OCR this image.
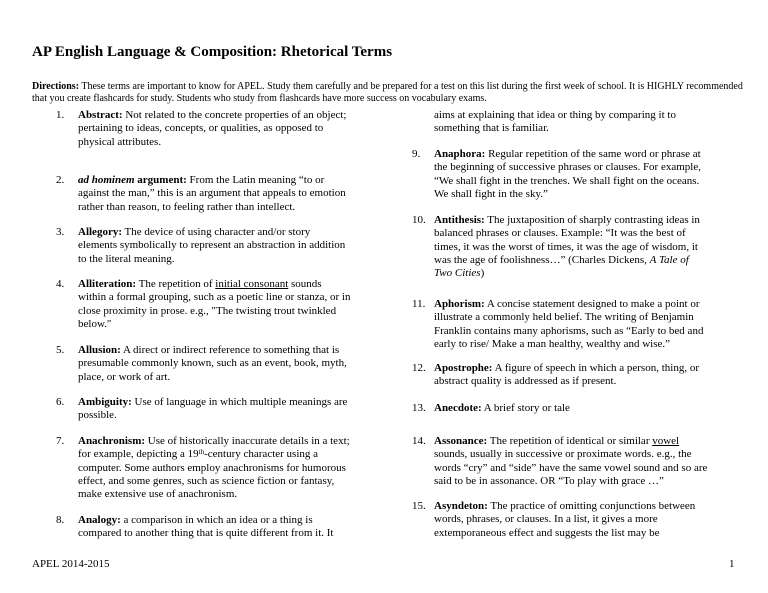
AP English Language & Composition: Rhetorical Terms
Directions: These terms are important to know for APEL. Study them carefully and be prepared for a test on this list during the first week of school. It is HIGHLY recommended that you create flashcards for study. Students who study from flashcards have more success on vocabulary exams.
1. Abstract: Not related to the concrete properties of an object; pertaining to ideas, concepts, or qualities, as opposed to physical attributes.
2. ad hominem argument: From the Latin meaning “to or against the man,” this is an argument that appeals to emotion rather than reason, to feeling rather than intellect.
3. Allegory: The device of using character and/or story elements symbolically to represent an abstraction in addition to the literal meaning.
4. Alliteration: The repetition of initial consonant sounds within a formal grouping, such as a poetic line or stanza, or in close proximity in prose. e.g., "The twisting trout twinkled below."
5. Allusion: A direct or indirect reference to something that is presumable commonly known, such as an event, book, myth, place, or work of art.
6. Ambiguity: Use of language in which multiple meanings are possible.
7. Anachronism: Use of historically inaccurate details in a text; for example, depicting a 19th-century character using a computer. Some authors employ anachronisms for humorous effect, and some genres, such as science fiction or fantasy, make extensive use of anachronism.
8. Analogy: a comparison in which an idea or a thing is compared to another thing that is quite different from it. It
aims at explaining that idea or thing by comparing it to something that is familiar.
9. Anaphora: Regular repetition of the same word or phrase at the beginning of successive phrases or clauses. For example, “We shall fight in the trenches. We shall fight on the oceans. We shall fight in the sky.”
10. Antithesis: The juxtaposition of sharply contrasting ideas in balanced phrases or clauses. Example: “It was the best of times, it was the worst of times, it was the age of wisdom, it was the age of foolishness…” (Charles Dickens, A Tale of Two Cities)
11. Aphorism: A concise statement designed to make a point or illustrate a commonly held belief. The writing of Benjamin Franklin contains many aphorisms, such as “Early to bed and early to rise/ Make a man healthy, wealthy and wise.”
12. Apostrophe: A figure of speech in which a person, thing, or abstract quality is addressed as if present.
13. Anecdote: A brief story or tale
14. Assonance: The repetition of identical or similar vowel sounds, usually in successive or proximate words. e.g., the words “cry” and “side” have the same vowel sound and so are said to be in assonance. OR “To play with grace …”
15. Asyndeton: The practice of omitting conjunctions between words, phrases, or clauses. In a list, it gives a more extemporaneous effect and suggests the list may be
APEL 2014-2015	1
